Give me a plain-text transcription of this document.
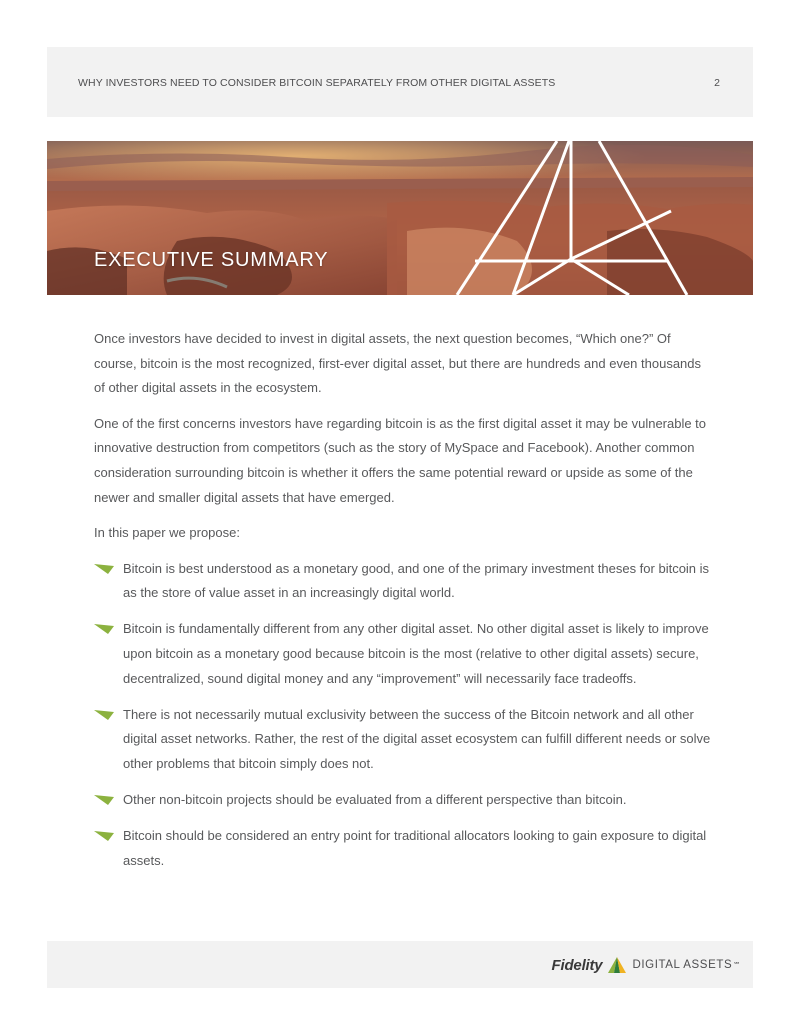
WHY INVESTORS NEED TO CONSIDER BITCOIN SEPARATELY FROM OTHER DIGITAL ASSETS	2
EXECUTIVE SUMMARY

Once investors have decided to invest in digital assets, the next question becomes, “Which one?” Of course, bitcoin is the most recognized, first-ever digital asset, but there are hundreds and even thousands of other digital assets in the ecosystem.

One of the first concerns investors have regarding bitcoin is as the first digital asset it may be vulnerable to innovative destruction from competitors (such as the story of MySpace and Facebook). Another common consideration surrounding bitcoin is whether it offers the same potential reward or upside as some of the newer and smaller digital assets that have emerged.

In this paper we propose:

Bitcoin is best understood as a monetary good, and one of the primary investment theses for bitcoin is as the store of value asset in an increasingly digital world.
Bitcoin is fundamentally different from any other digital asset. No other digital asset is likely to improve upon bitcoin as a monetary good because bitcoin is the most (relative to other digital assets) secure, decentralized, sound digital money and any “improvement” will necessarily face tradeoffs.
There is not necessarily mutual exclusivity between the success of the Bitcoin network and all other digital asset networks. Rather, the rest of the digital asset ecosystem can fulfill different needs or solve other problems that bitcoin simply does not.
Other non-bitcoin projects should be evaluated from a different perspective than bitcoin.
Bitcoin should be considered an entry point for traditional allocators looking to gain exposure to digital assets.
Fidelity	DIGITAL ASSETS ℠
